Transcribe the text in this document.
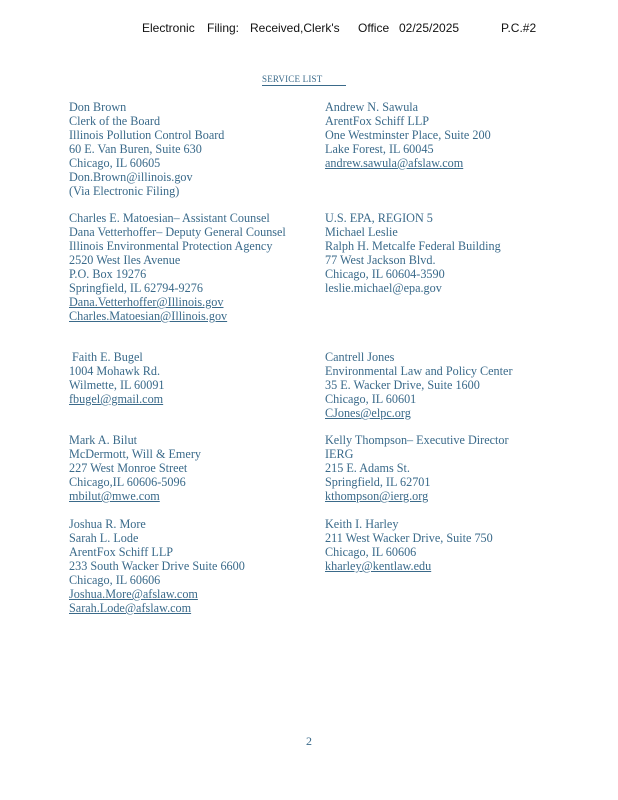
Electronic Filing: Received,Clerk's Office 02/25/2025	P.C.#2
SERVICE LIST
Don Brown
Clerk of the Board
Illinois Pollution Control Board
60 E. Van Buren, Suite 630
Chicago, IL 60605
Don.Brown@illinois.gov
(Via Electronic Filing)
Charles E. Matoesian– Assistant Counsel
Dana Vetterhoffer– Deputy General Counsel
Illinois Environmental Protection Agency
2520 West Iles Avenue
P.O. Box 19276
Springfield, IL 62794-9276
Dana.Vetterhoffer@Illinois.gov
Charles.Matoesian@Illinois.gov
Faith E. Bugel
1004 Mohawk Rd.
Wilmette, IL 60091
fbugel@gmail.com
Mark A. Bilut
McDermott, Will & Emery
227 West Monroe Street
Chicago,IL 60606-5096
mbilut@mwe.com
Joshua R. More
Sarah L. Lode
ArentFox Schiff LLP
233 South Wacker Drive Suite 6600
Chicago, IL 60606
Joshua.More@afslaw.com
Sarah.Lode@afslaw.com
Andrew N. Sawula
ArentFox Schiff LLP
One Westminster Place, Suite 200
Lake Forest, IL 60045
andrew.sawula@afslaw.com
U.S. EPA, REGION 5
Michael Leslie
Ralph H. Metcalfe Federal Building
77 West Jackson Blvd.
Chicago, IL 60604-3590
leslie.michael@epa.gov
Cantrell Jones
Environmental Law and Policy Center
35 E. Wacker Drive, Suite 1600
Chicago, IL 60601
CJones@elpc.org
Kelly Thompson– Executive Director
IERG
215 E. Adams St.
Springfield, IL 62701
kthompson@ierg.org
Keith I. Harley
211 West Wacker Drive, Suite 750
Chicago, IL 60606
kharley@kentlaw.edu
2
